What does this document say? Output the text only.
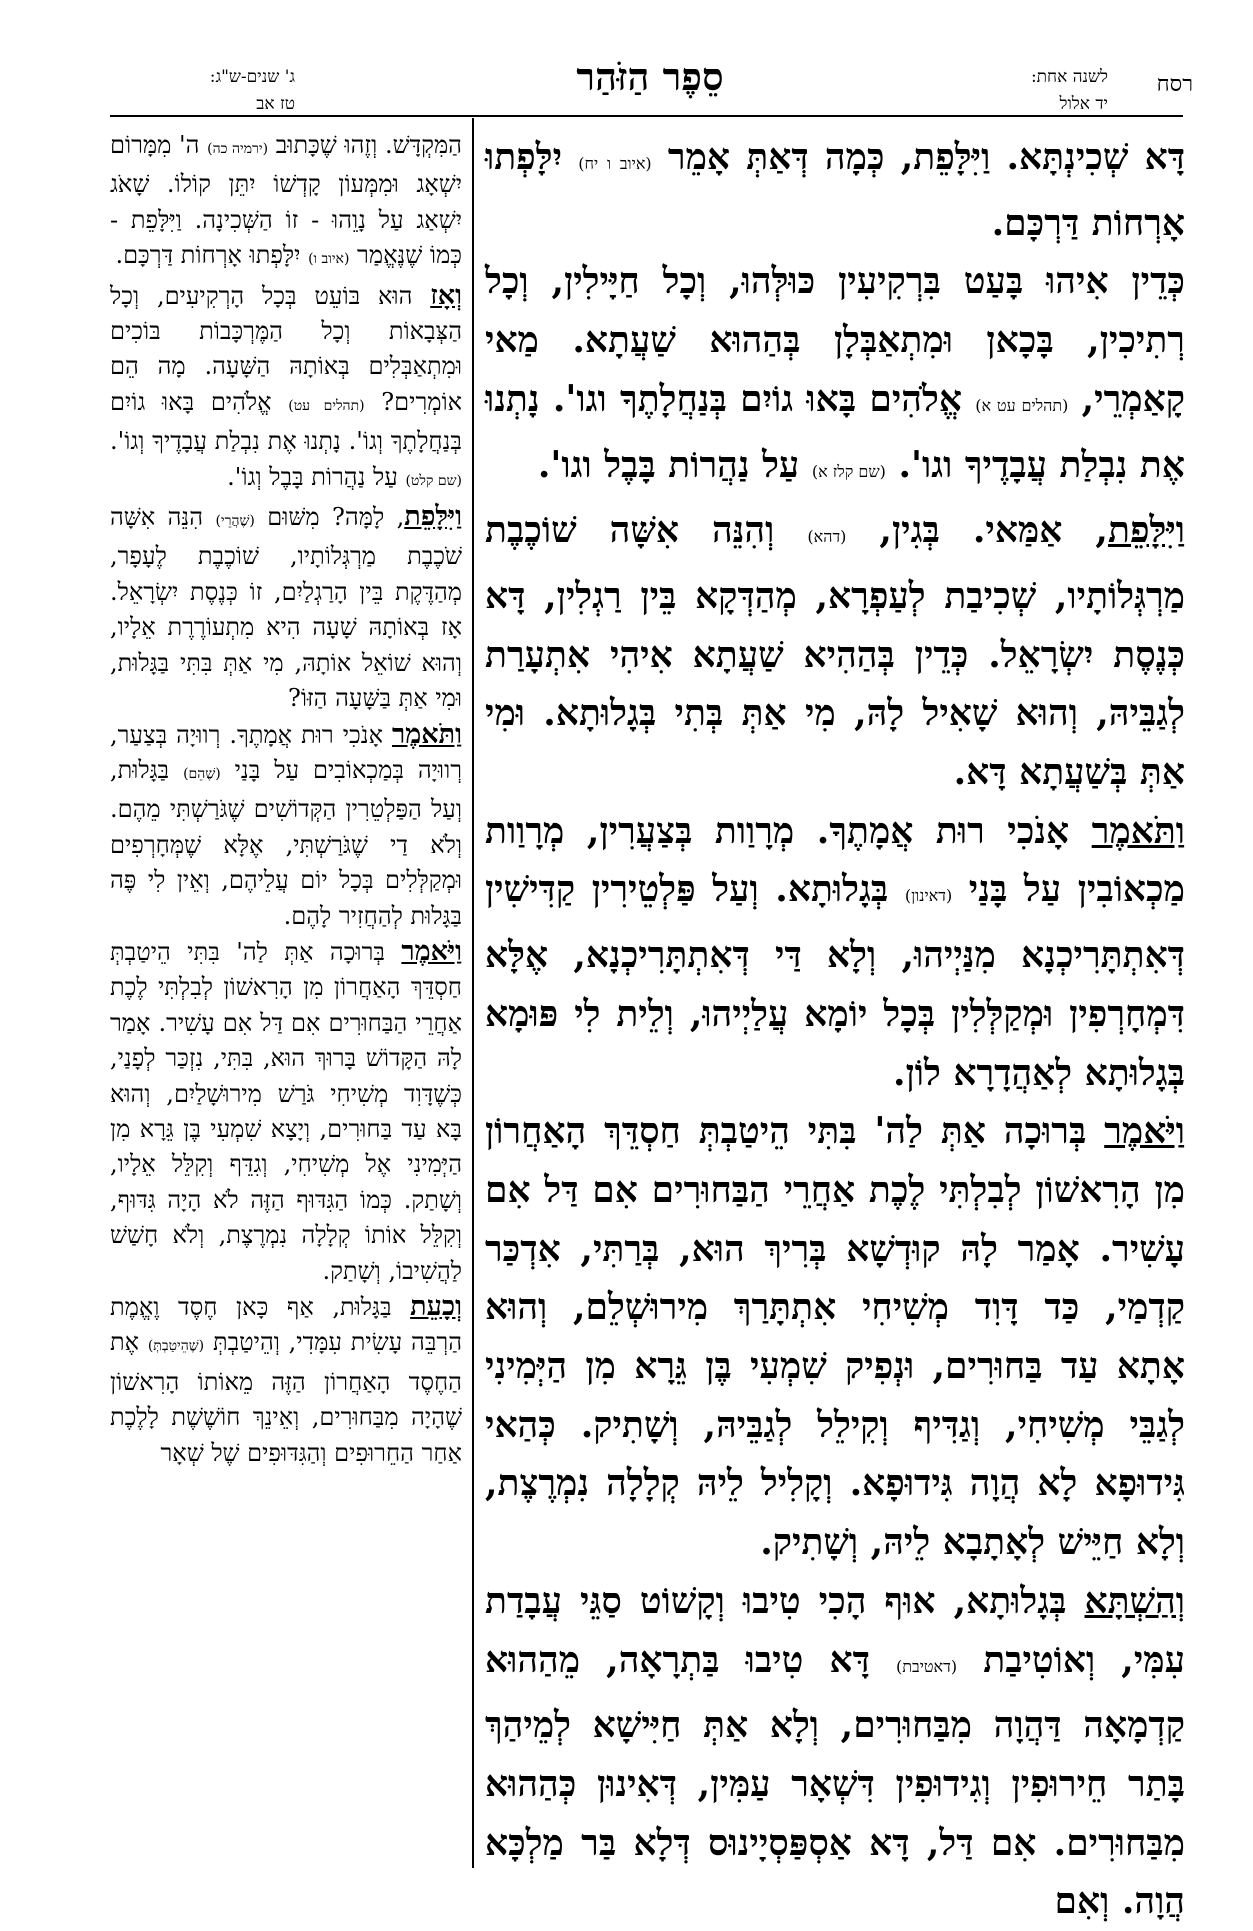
רסח
לשנה אחת:
יד אלול
סֵפֶר הַזֹּהַר
ג' שנים-ש"ג:
טז אב

דָּא שְׁכִינְתָּא. וַיִּלָּפֵת, כְּמָה דְּאַתְּ אָמֵר (איוב ו יח) יִלָּפְתוּ אָרְחוֹת דַּרְכָּם.

כְּדֵין אִיהוּ בָּעַט בִּרְקִיעִין כּוּלְּהוּ, וְכָל חַיָּילִין, וְכָל רְתִיכִין, בָּכָאן וּמִתְאַבְּלָן בְּהַהוּא שַׁעֲתָא. מַאי קָאַמְרֵי, (תהלים עט א) אֱלֹהִים בָּאוּ גוֹיִם בְּנַחֲלָתֶךָ וגו'. נָתְנוּ אֶת נִבְלַת עֲבָדֶיךָ וגו'. (שם קלז א) עַל נַהֲרוֹת בָּבֶל וגו'.

וַיִּלָּפֵת, אַמַּאי. בְּגִין, (דהא) וְהִנֵּה אִשָּׁה שׁוֹכֶבֶת מַרְגְּלוֹתָיו, שְׁכִיבַת לְעַפְרָא, מְהַדְּקָא בֵּין רַגְלִין, דָּא כְּנֶסֶת יִשְׂרָאֵל. כְּדֵין בְּהַהִיא שַׁעֲתָא אִיהִי אִתְעָרַת לְגַבֵּיהּ, וְהוּא שָׁאִיל לָהּ, מִי אַתְּ בְּתִי בְּגָלוּתָא. וּמִי אַתְּ בְּשַׁעֲתָא דָּא.

וַתֹּאמֶר אָנֹכִי רוּת אֲמָתֶךָ. מְרָוַות בְּצַעֲרִין, מְרָוַות מַכְאוֹבִין עַל בָּנַי (דאינון) בְּגָלוּתָא. וְעַל פַּלְטֵירִין קַדִּישִׁין דְּאִתְתָּרִיכְנָא מִנַּיְיהוּ, וְלָא דַּי דְּאִתְתָּרִיכְנָא, אֶלָּא דִּמְחָרְפִין וּמְקַלְּלִין בְּכָל יוֹמָא עֲלַיְיהוּ, וְלֵית לִי פּוּמָא בְּגָלוּתָא לְאַהֲדָרָא לוֹן.

וַיֹּאמֶר בְּרוּכָה אַתְּ לַה' בִּתִּי הֵיטַבְתְּ חַסְדֵּךְ הָאַחֲרוֹן מִן הָרִאשׁוֹן לְבִלְתִּי לֶכֶת אַחֲרֵי הַבַּחוּרִים אִם דַּל אִם עָשִׁיר. אָמַר לָהּ קוּדְשָׁא בְּרִיךְ הוּא, בְּרַתִּי, אִדְכַּר קַדְמַי, כַּד דָּוִד מְשִׁיחִי אִתְתָּרַךְ מִירוּשְׁלֵם, וְהוּא אָתָא עַד בַּחוּרִים, וּנְפִיק שִׁמְעִי בֶּן גֵּרָא מִן הַיְּמִינִי לְגַבֵּי מְשִׁיחִי, וְגַדִּיף וְקִילֵל לְגַבֵּיהּ, וְשָׁתִיק. כְּהַאי גִּידוּפָא לָא הֲוָה גִּידוּפָא. וְקָלִיל לֵיהּ קְלָלָה נִמְרֶצֶת, וְלָא חַיֵּישׁ לְאָתָבָא לֵיהּ, וְשָׁתִיק.

וְהַשְׁתָּא בְּגָלוּתָא, אוּף הָכִי טִיבוּ וְקָשׁוֹט סַגֵּי עֲבָדַת עִמִּי, וְאוֹטִיבַת (דאטיבת) דָּא טִיבוּ בַּתְרָאָה, מֵהַהוּא קַדְמָאָה דַּהֲוָה מִבַּחוּרִים, וְלָא אַתְּ חַיִּישָׁא לְמֵיהַךְ בָּתַר חֵירוּפִין וְגִידוּפִין דִּשְׁאָר עַמִּין, דְּאִינוּן כְּהַהוּא מִבַּחוּרִים. אִם דַּל, דָּא אַסְפַּסְיָינוּס דְּלָא בַּר מַלְכָּא הֲוָה. וְאִם

הַמִּקְדָּשׁ. וְזֶהוּ שֶׁכָּתוּב (ירמיה כה) ה' מִמָּרוֹם יִשְׁאָג וּמִמְּעוֹן קָדְשׁוֹ יִתֵּן קוֹלוֹ. שָׁאֹג יִשְׁאַג עַל נָוֵהוּ - זוֹ הַשְּׁכִינָה. וַיִּלָּפֵת - כְּמוֹ שֶׁנֶּאֱמַר (איוב ו) יִלָּפְתוּ אָרְחוֹת דַּרְכָּם.

וְאָז הוּא בּוֹעֵט בְּכָל הָרְקִיעִים, וְכָל הַצְּבָאוֹת וְכָל הַמֶּרְכָּבוֹת בּוֹכִים וּמִתְאַבְּלִים בְּאוֹתָהּ הַשָּׁעָה. מָה הֵם אוֹמְרִים? (תהלים עט) אֱלֹהִים בָּאוּ גוֹיִם בְּנַחֲלָתֶךָ וְגוֹ'. נָתְנוּ אֶת נִבְלַת עֲבָדֶיךָ וְגוֹ'. (שם קלט) עַל נַהֲרוֹת בָּבֶל וְגוֹ'.

וַיִּלָּפֵת, לָמָּה? מִשּׁוּם (שֶׁהֲרֵי) הִנֵּה אִשָּׁה שֹׁכֶבֶת מַרְגְּלוֹתָיו, שׁוֹכֶבֶת לֶעָפָר, מְהַדֶּקֶת בֵּין הָרַגְלַיִם, זוֹ כְּנֶסֶת יִשְׂרָאֵל. אָז בְּאוֹתָהּ שָׁעָה הִיא מִתְעוֹרֶרֶת אֵלָיו, וְהוּא שׁוֹאֵל אוֹתָהּ, מִי אַתְּ בִּתִּי בַּגָּלוּת, וּמִי אַתְּ בַּשָּׁעָה הַזּוֹ?

וַתֹּאמֶר אָנֹכִי רוּת אֲמָתֶךָ. רְווּיָה בְּצַעַר, רְווּיָה בְּמַכְאוֹבִים עַל בָּנַי (שֶׁהֵם) בַּגָּלוּת, וְעַל הַפַּלְטֵרִין הַקְּדוֹשִׁים שֶׁגֹּרַשְׁתִּי מֵהֶם. וְלֹא דַי שֶׁגֹּרַשְׁתִּי, אֶלָּא שֶׁמְּחָרְפִים וּמְקַלְּלִים בְּכָל יוֹם עֲלֵיהֶם, וְאֵין לִי פֶּה בַּגָּלוּת לְהַחֲזִיר לָהֶם.

וַיֹּאמֶר בְּרוּכָה אַתְּ לַה' בִּתִּי הֵיטַבְתְּ חַסְדֵּךְ הָאַחֲרוֹן מִן הָרִאשׁוֹן לְבִלְתִּי לֶכֶת אַחֲרֵי הַבַּחוּרִים אִם דַּל אִם עָשִׁיר. אָמַר לָהּ הַקָּדוֹשׁ בָּרוּךְ הוּא, בִּתִּי, נִזְכַּר לְפָנַי, כְּשֶׁדָּוִד מְשִׁיחִי גֹּרַשׁ מִירוּשָׁלַיִם, וְהוּא בָּא עַד בַּחוּרִים, וְיָצָא שִׁמְעִי בֶּן גֵּרָא מִן הַיְּמִינִי אֶל מְשִׁיחִי, וְגִדֵּף וְקִלֵּל אֵלָיו, וְשָׁתַק. כְּמוֹ הַגִּדּוּף הַזֶּה לֹא הָיָה גִּדּוּף, וְקִלֵּל אוֹתוֹ קְלָלָה נִמְרֶצֶת, וְלֹא חָשַׁשׁ לַהֲשִׁיבוֹ, וְשָׁתַק.

וְכָעֵת בַּגָּלוּת, אַף כָּאן חֶסֶד וֶאֱמֶת הַרְבֵּה עָשִׂית עִמָּדִי, וְהֵיטַבְתְּ (שֶׁהֵיטַבְתְּ) אֶת הַחֶסֶד הָאַחֲרוֹן הַזֶּה מֵאוֹתוֹ הָרִאשׁוֹן שֶׁהָיָה מִבַּחוּרִים, וְאֵינֵךְ חוֹשֶׁשֶׁת לָלֶכֶת אַחַר הַחֵרוּפִים וְהַגִּדּוּפִים שֶׁל שְׁאָר
